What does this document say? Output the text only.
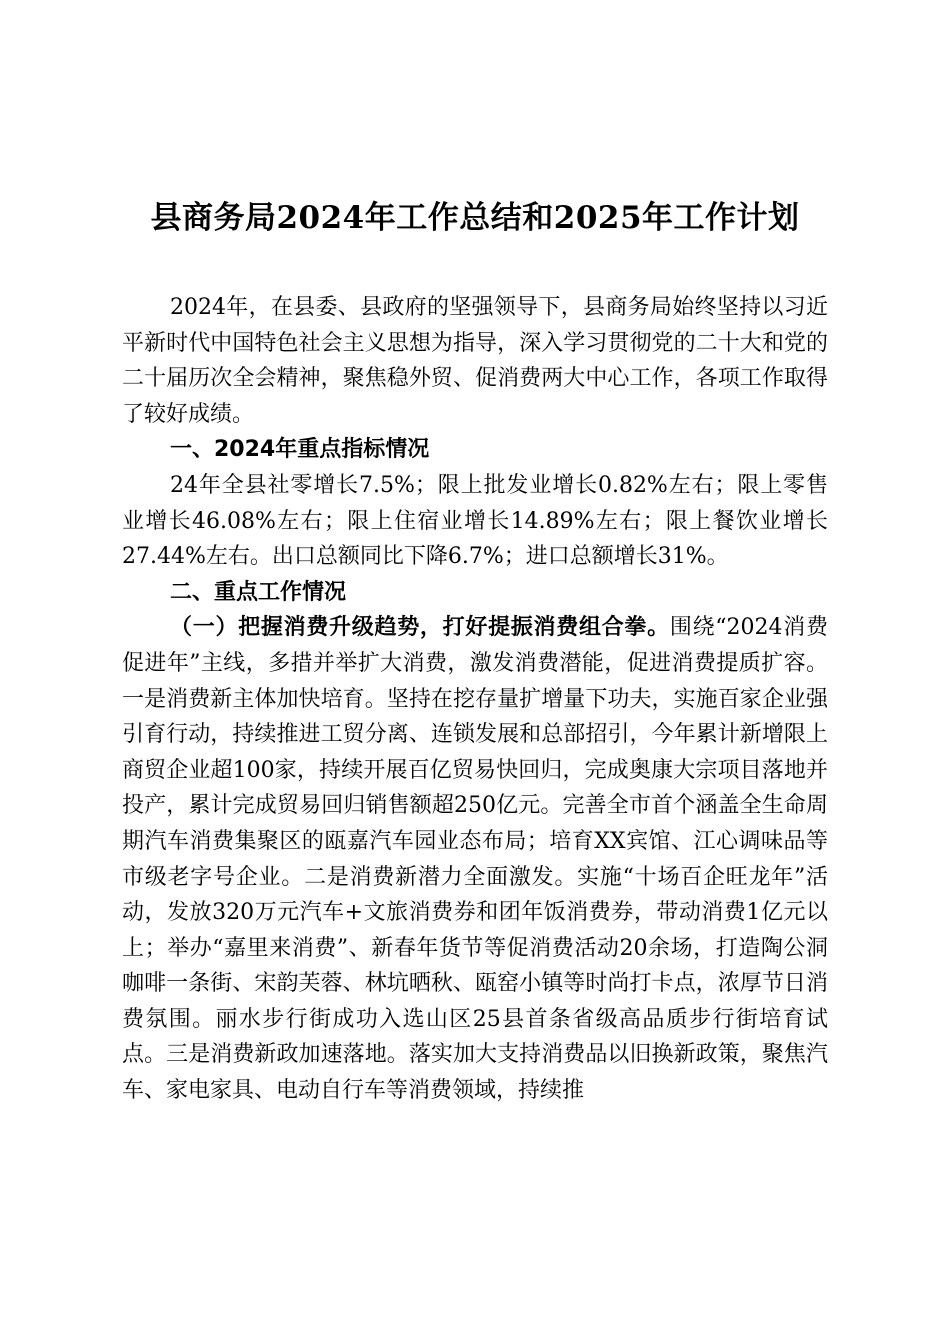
县商务局2024年工作总结和2025年工作计划

2024年，在县委、县政府的坚强领导下，县商务局始终坚持以习近平新时代中国特色社会主义思想为指导，深入学习贯彻党的二十大和党的二十届历次全会精神，聚焦稳外贸、促消费两大中心工作，各项工作取得了较好成绩。

一、2024年重点指标情况

24年全县社零增长7.5%；限上批发业增长0.82%左右；限上零售业增长46.08%左右；限上住宿业增长14.89%左右；限上餐饮业增长27.44%左右。出口总额同比下降6.7%；进口总额增长31%。

二、重点工作情况

（一）把握消费升级趋势，打好提振消费组合拳。围绕“2024消费促进年”主线，多措并举扩大消费，激发消费潜能，促进消费提质扩容。一是消费新主体加快培育。坚持在挖存量扩增量下功夫，实施百家企业强引育行动，持续推进工贸分离、连锁发展和总部招引，今年累计新增限上商贸企业超100家，持续开展百亿贸易快回归，完成奥康大宗项目落地并投产，累计完成贸易回归销售额超250亿元。完善全市首个涵盖全生命周期汽车消费集聚区的瓯嘉汽车园业态布局；培育XX宾馆、江心调味品等市级老字号企业。二是消费新潜力全面激发。实施“十场百企旺龙年”活动，发放320万元汽车+文旅消费券和团年饭消费券，带动消费1亿元以上；举办“嘉里来消费”、新春年货节等促消费活动20余场，打造陶公洞咖啡一条街、宋韵芙蓉、林坑晒秋、瓯窑小镇等时尚打卡点，浓厚节日消费氛围。丽水步行街成功入选山区25县首条省级高品质步行街培育试点。三是消费新政加速落地。落实加大支持消费品以旧换新政策，聚焦汽车、家电家具、电动自行车等消费领域，持续推
